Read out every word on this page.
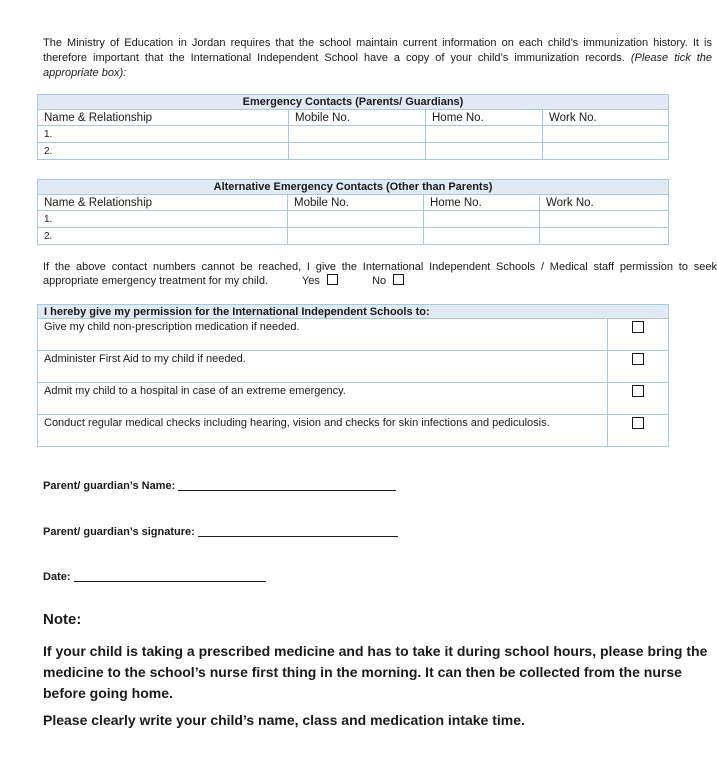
The Ministry of Education in Jordan requires that the school maintain current information on each child’s immunization history. It is therefore important that the International Independent School have a copy of your child’s immunization records. (Please tick the appropriate box):
Emergency Contacts (Parents/ Guardians)			
Name & Relationship	Mobile No.	Home No.	Work No.
1.			
2.			
Alternative Emergency Contacts (Other than Parents)			
Name & Relationship	Mobile No.	Home No.	Work No.
1.			
2.			
If the above contact numbers cannot be reached, I give the International Independent Schools / Medical staff permission to seek appropriate emergency treatment for my child.	Yes	No
I hereby give my permission for the International Independent Schools to:	
Give my child non-prescription medication if needed.	
Administer First Aid to my child if needed.	
Admit my child to a hospital in case of an extreme emergency.	
Conduct regular medical checks including hearing, vision and checks for skin infections and pediculosis.	
Parent/ guardian’s Name:
Parent/ guardian’s signature:
Date:
Note:
If your child is taking a prescribed medicine and has to take it during school hours, please bring the medicine to the school’s nurse first thing in the morning. It can then be collected from the nurse before going home.
Please clearly write your child’s name, class and medication intake time.
